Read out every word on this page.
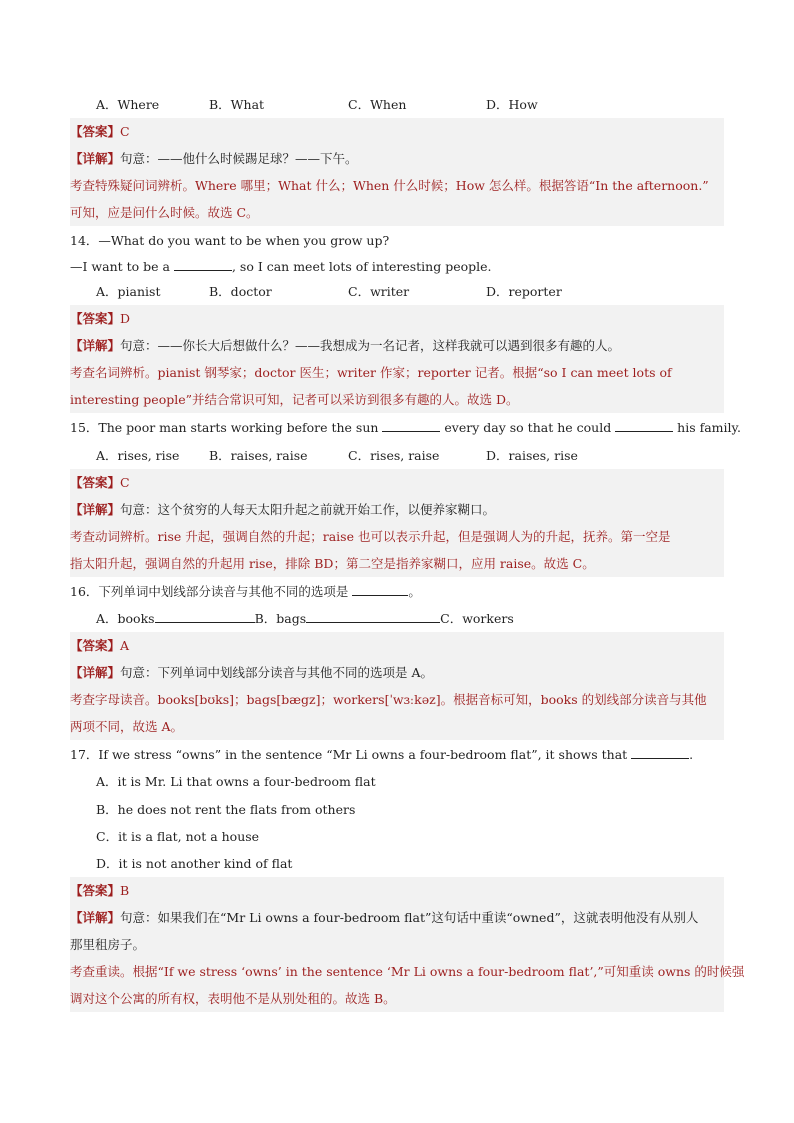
A．Where	B．What	C．When	D．How
【答案】C
【详解】句意：——他什么时候踢足球？——下午。
考查特殊疑问词辨析。Where 哪里；What 什么；When 什么时候；How 怎么样。根据答语“In the afternoon.”
可知，应是问什么时候。故选 C。
14．—What do you want to be when you grow up?
—I want to be a	, so I can meet lots of interesting people.
A．pianist	B．doctor	C．writer	D．reporter
【答案】D
【详解】句意：——你长大后想做什么？——我想成为一名记者，这样我就可以遇到很多有趣的人。
考查名词辨析。pianist 钢琴家；doctor 医生；writer 作家；reporter 记者。根据“so I can meet lots of
interesting people”并结合常识可知，记者可以采访到很多有趣的人。故选 D。
15．The poor man starts working before the sun	every day so that he could	his family.
A．rises, rise B．raises, raise	C．rises, raise	D．raises, rise
【答案】C
【详解】句意：这个贫穷的人每天太阳升起之前就开始工作，以便养家糊口。
考查动词辨析。rise 升起，强调自然的升起；raise 也可以表示升起，但是强调人为的升起，抚养。第一空是
指太阳升起，强调自然的升起用 rise，排除 BD；第二空是指养家糊口，应用 raise。故选 C。
16．下列单词中划线部分读音与其他不同的选项是	。
A．books	B．bags	C．workers
【答案】A
【详解】句意：下列单词中划线部分读音与其他不同的选项是 A。
考查字母读音。books[bʊks]；bags[bægz]；workers[ˈwɜːkəz]。根据音标可知，books 的划线部分读音与其他
两项不同，故选 A。
17．If we stress “owns” in the sentence “Mr Li owns a four-bedroom flat”, it shows that	.
A．it is Mr. Li that owns a four-bedroom flat
B．he does not rent the flats from others
C．it is a flat, not a house
D．it is not another kind of flat
【答案】B
【详解】句意：如果我们在“Mr Li owns a four-bedroom flat”这句话中重读“owned”，这就表明他没有从别人
那里租房子。
考查重读。根据“If we stress ‘owns’ in the sentence ‘Mr Li owns a four-bedroom flat’,”可知重读 owns 的时候强
调对这个公寓的所有权，表明他不是从别处租的。故选 B。
